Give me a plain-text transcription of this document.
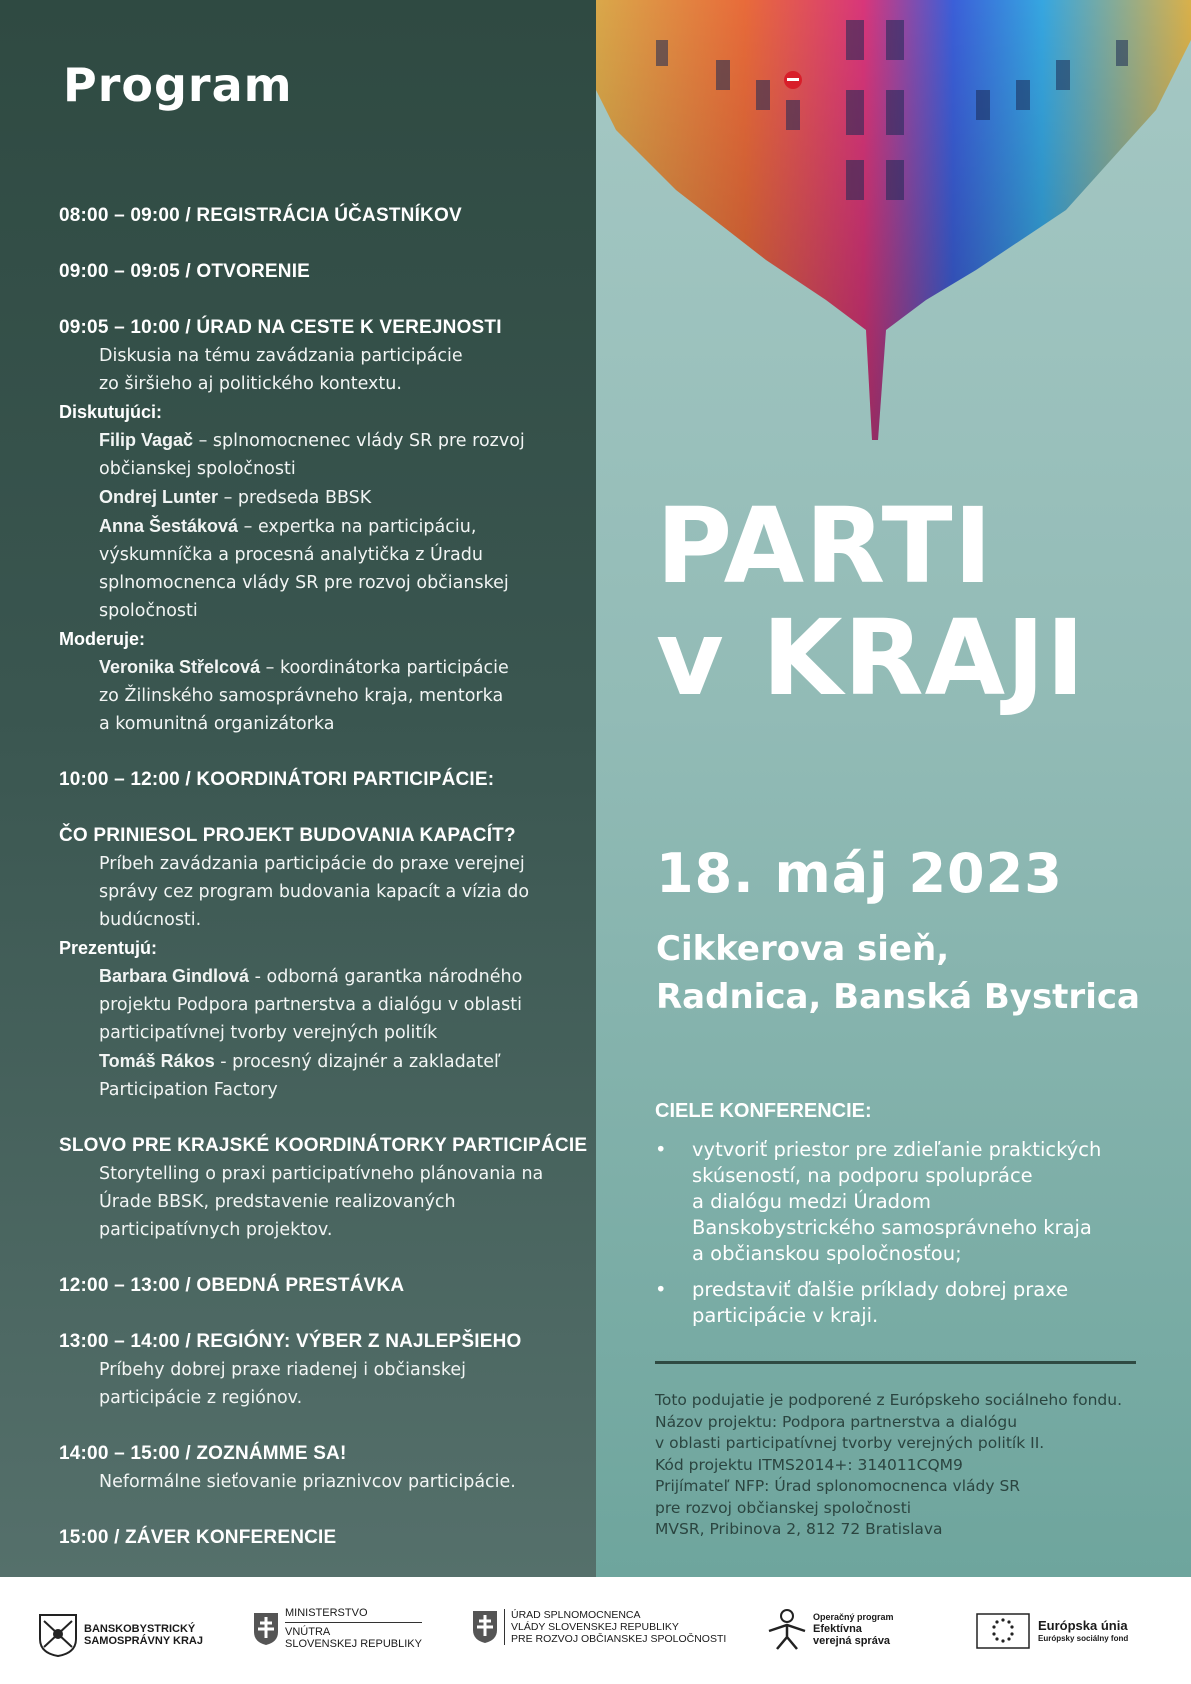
Program
08:00 – 09:00 / REGISTRÁCIA ÚČASTNÍKOV
09:00 – 09:05 / OTVORENIE
09:05 – 10:00 / ÚRAD NA CESTE K VEREJNOSTI
Diskusia na tému zavádzania participácie
zo širšieho aj politického kontextu.
Diskutujúci:
Filip Vagač – splnomocnenec vlády SR pre rozvoj
občianskej spoločnosti
Ondrej Lunter – predseda BBSK
Anna Šestáková – expertka na participáciu,
výskumníčka a procesná analytička z Úradu
splnomocnenca vlády SR pre rozvoj občianskej
spoločnosti
Moderuje:
Veronika Střelcová – koordinátorka participácie
zo Žilinského samosprávneho kraja, mentorka
a komunitná organizátorka
10:00 – 12:00 / KOORDINÁTORI PARTICIPÁCIE:
ČO PRINIESOL PROJEKT BUDOVANIA KAPACÍT?
Príbeh zavádzania participácie do praxe verejnej
správy cez program budovania kapacít a vízia do
budúcnosti.
Prezentujú:
Barbara Gindlová - odborná garantka národného
projektu Podpora partnerstva a dialógu v oblasti
participatívnej tvorby verejných politík
Tomáš Rákos - procesný dizajnér a zakladateľ
Participation Factory
SLOVO PRE KRAJSKÉ KOORDINÁTORKY PARTICIPÁCIE
Storytelling o praxi participatívneho plánovania na
Úrade BBSK, predstavenie realizovaných
participatívnych projektov.
12:00 – 13:00 / OBEDNÁ PRESTÁVKA
13:00 – 14:00 / REGIÓNY: VÝBER Z NAJLEPŠIEHO
Príbehy dobrej praxe riadenej i občianskej
participácie z regiónov.
14:00 – 15:00 / ZOZNÁMME SA!
Neformálne sieťovanie priaznivcov participácie.
15:00 / ZÁVER KONFERENCIE
PARTI
v KRAJI
18. máj 2023
Cikkerova sieň,
Radnica, Banská Bystrica
CIELE KONFERENCIE:
• vytvoriť priestor pre zdieľanie praktických
skúseností, na podporu spolupráce
a dialógu medzi Úradom
Banskobystrického samosprávneho kraja
a občianskou spoločnosťou;
• predstaviť ďalšie príklady dobrej praxe
participácie v kraji.
Toto podujatie je podporené z Európskeho sociálneho fondu.
Názov projektu: Podpora partnerstva a dialógu
v oblasti participatívnej tvorby verejných politík II.
Kód projektu ITMS2014+: 314011CQM9
Prijímateľ NFP: Úrad splonomocnenca vlády SR
pre rozvoj občianskej spoločnosti
MVSR, Pribinova 2, 812 72 Bratislava
BANSKOBYSTRICKÝ
SAMOSPRÁVNY KRAJ
MINISTERSTVO
VNÚTRA
SLOVENSKEJ REPUBLIKY
ÚRAD SPLNOMOCNENCA
VLÁDY SLOVENSKEJ REPUBLIKY
PRE ROZVOJ OBČIANSKEJ SPOLOČNOSTI
Operačný program
Efektívna
verejná správa
Európska únia
Európsky sociálny fond
